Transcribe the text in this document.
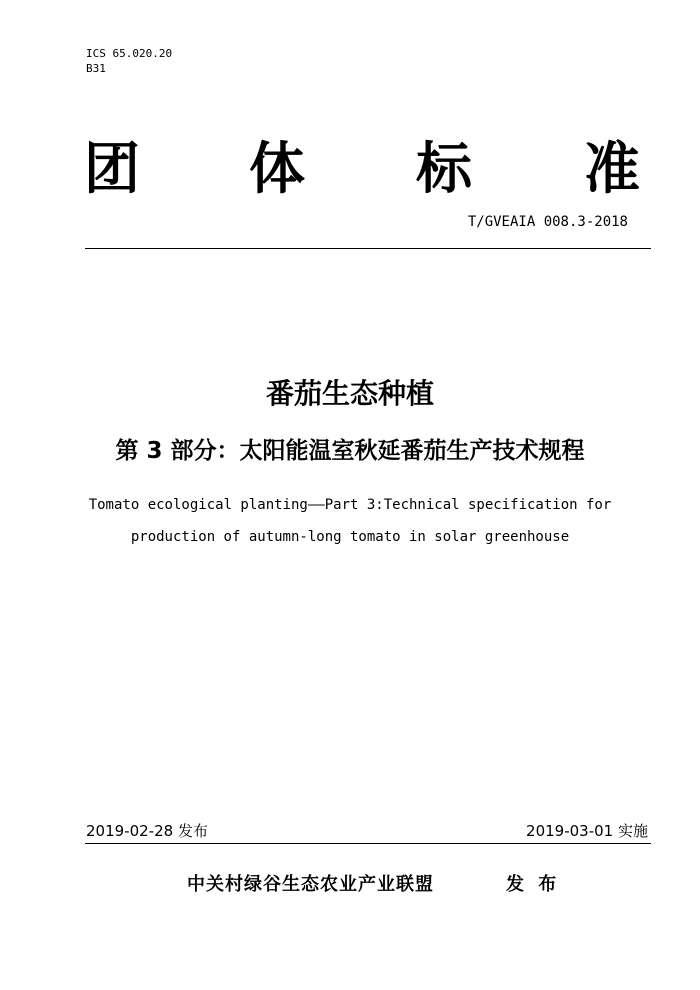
ICS 65.020.20
B31
团 体 标 准
T/GVEAIA 008.3-2018
番茄生态种植
第 3 部分：太阳能温室秋延番茄生产技术规程
Tomato ecological planting——Part 3:Technical specification for
production of autumn-long tomato in solar greenhouse
2019-02-28 发布	2019-03-01 实施
中关村绿谷生态农业产业联盟	发 布
